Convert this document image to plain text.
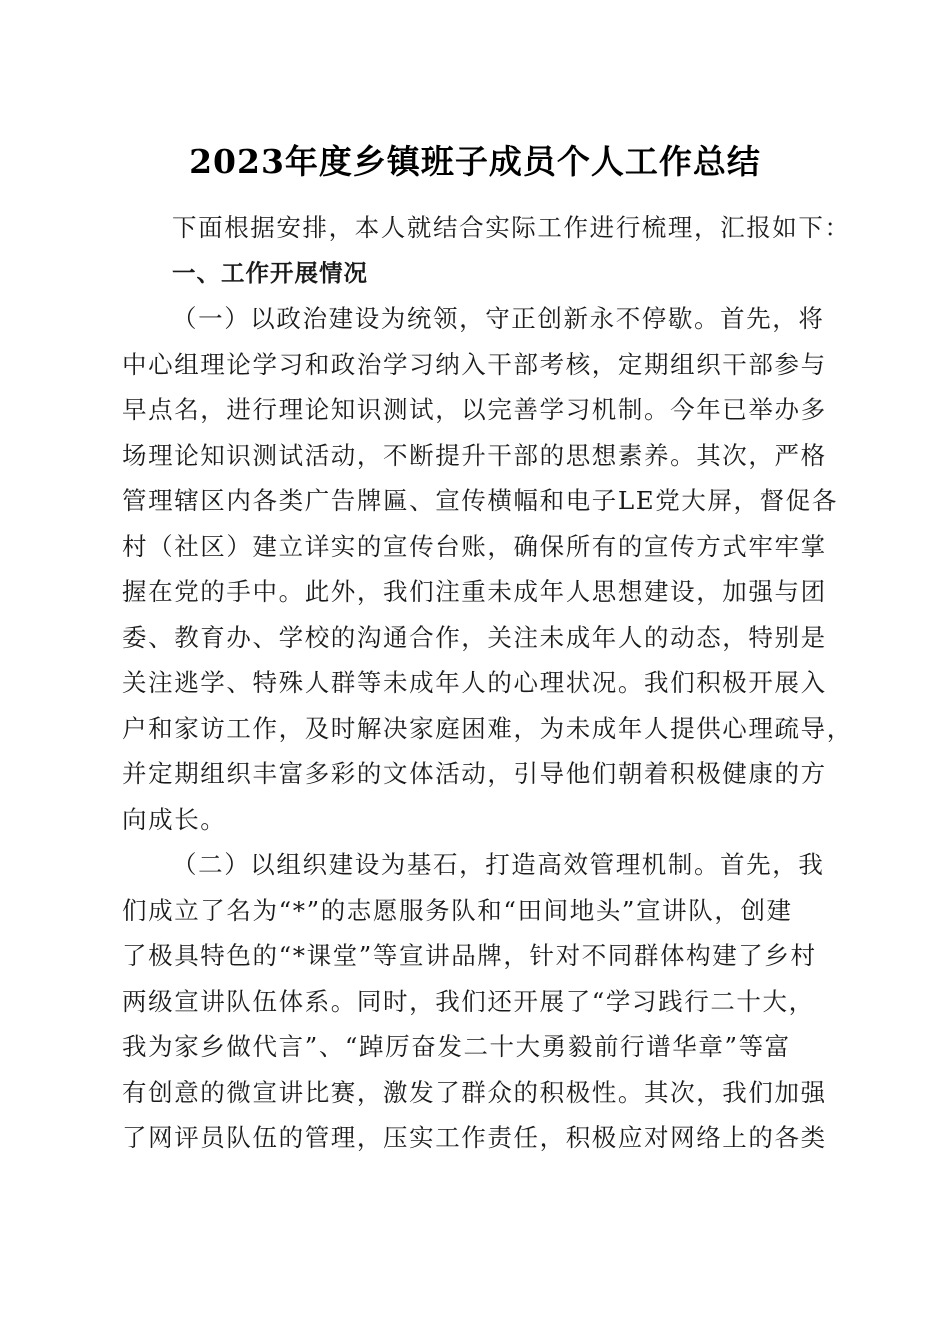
2023年度乡镇班子成员个人工作总结
下面根据安排，本人就结合实际工作进行梳理，汇报如下：
一、工作开展情况
（一）以政治建设为统领，守正创新永不停歇。首先，将
中心组理论学习和政治学习纳入干部考核，定期组织干部参与
早点名，进行理论知识测试，以完善学习机制。今年已举办多
场理论知识测试活动，不断提升干部的思想素养。其次，严格
管理辖区内各类广告牌匾、宣传横幅和电子LE党大屏，督促各
村（社区）建立详实的宣传台账，确保所有的宣传方式牢牢掌
握在党的手中。此外，我们注重未成年人思想建设，加强与团
委、教育办、学校的沟通合作，关注未成年人的动态，特别是
关注逃学、特殊人群等未成年人的心理状况。我们积极开展入
户和家访工作，及时解决家庭困难，为未成年人提供心理疏导，
并定期组织丰富多彩的文体活动，引导他们朝着积极健康的方
向成长。
（二）以组织建设为基石，打造高效管理机制。首先，我
们成立了名为“*”的志愿服务队和“田间地头”宣讲队，创建
了极具特色的“*课堂”等宣讲品牌，针对不同群体构建了乡村
两级宣讲队伍体系。同时，我们还开展了“学习践行二十大，
我为家乡做代言”、“踔厉奋发二十大勇毅前行谱华章”等富
有创意的微宣讲比赛，激发了群众的积极性。其次，我们加强
了网评员队伍的管理，压实工作责任，积极应对网络上的各类
